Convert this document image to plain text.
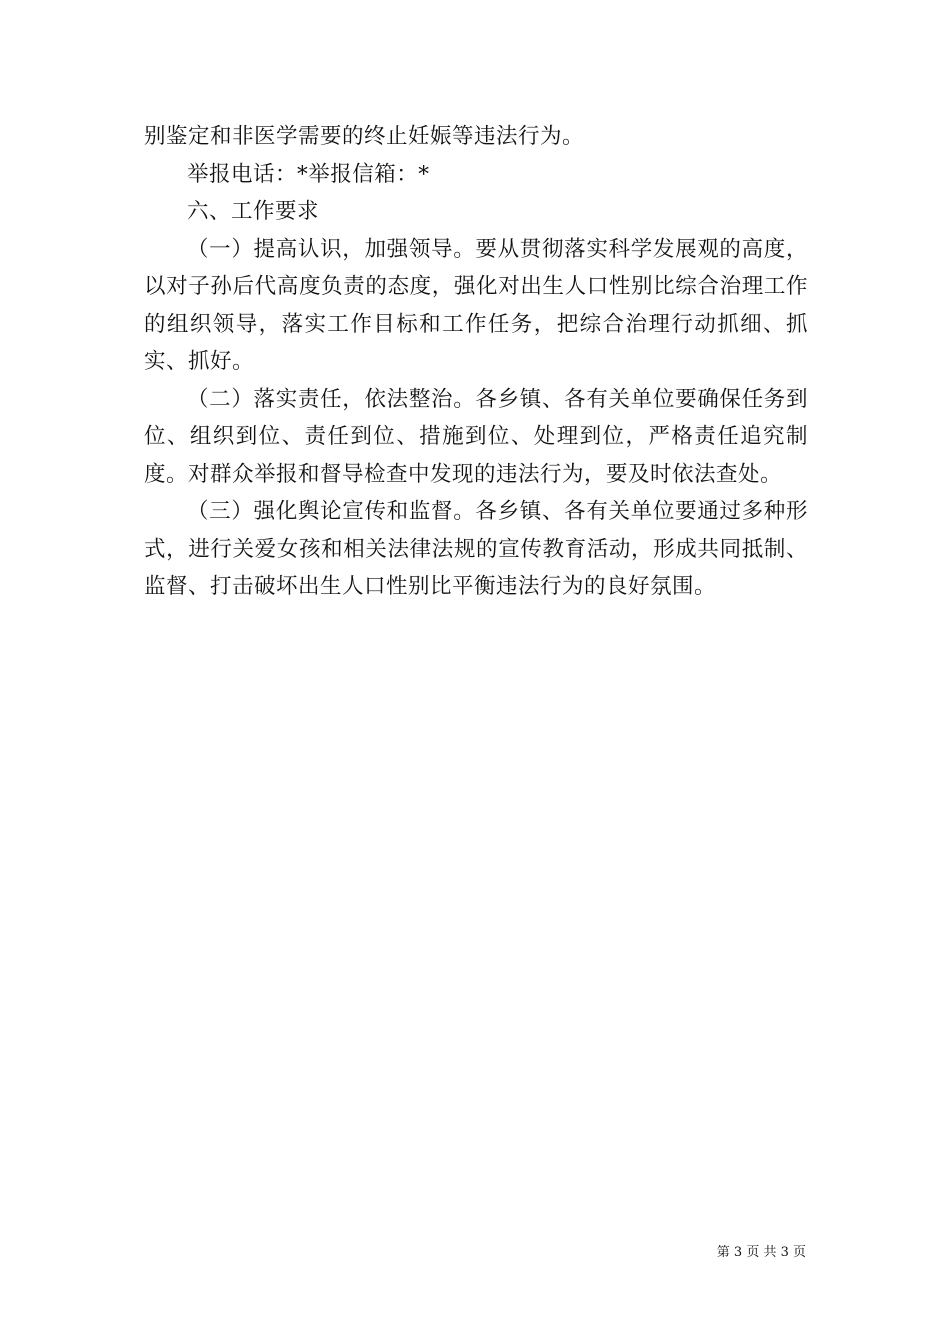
别鉴定和非医学需要的终止妊娠等违法行为。

举报电话：*举报信箱：*

六、工作要求

（一）提高认识，加强领导。要从贯彻落实科学发展观的高度，以对子孙后代高度负责的态度，强化对出生人口性别比综合治理工作的组织领导，落实工作目标和工作任务，把综合治理行动抓细、抓实、抓好。

（二）落实责任，依法整治。各乡镇、各有关单位要确保任务到位、组织到位、责任到位、措施到位、处理到位，严格责任追究制度。对群众举报和督导检查中发现的违法行为，要及时依法查处。

（三）强化舆论宣传和监督。各乡镇、各有关单位要通过多种形式，进行关爱女孩和相关法律法规的宣传教育活动，形成共同抵制、监督、打击破坏出生人口性别比平衡违法行为的良好氛围。

第 3 页 共 3 页
